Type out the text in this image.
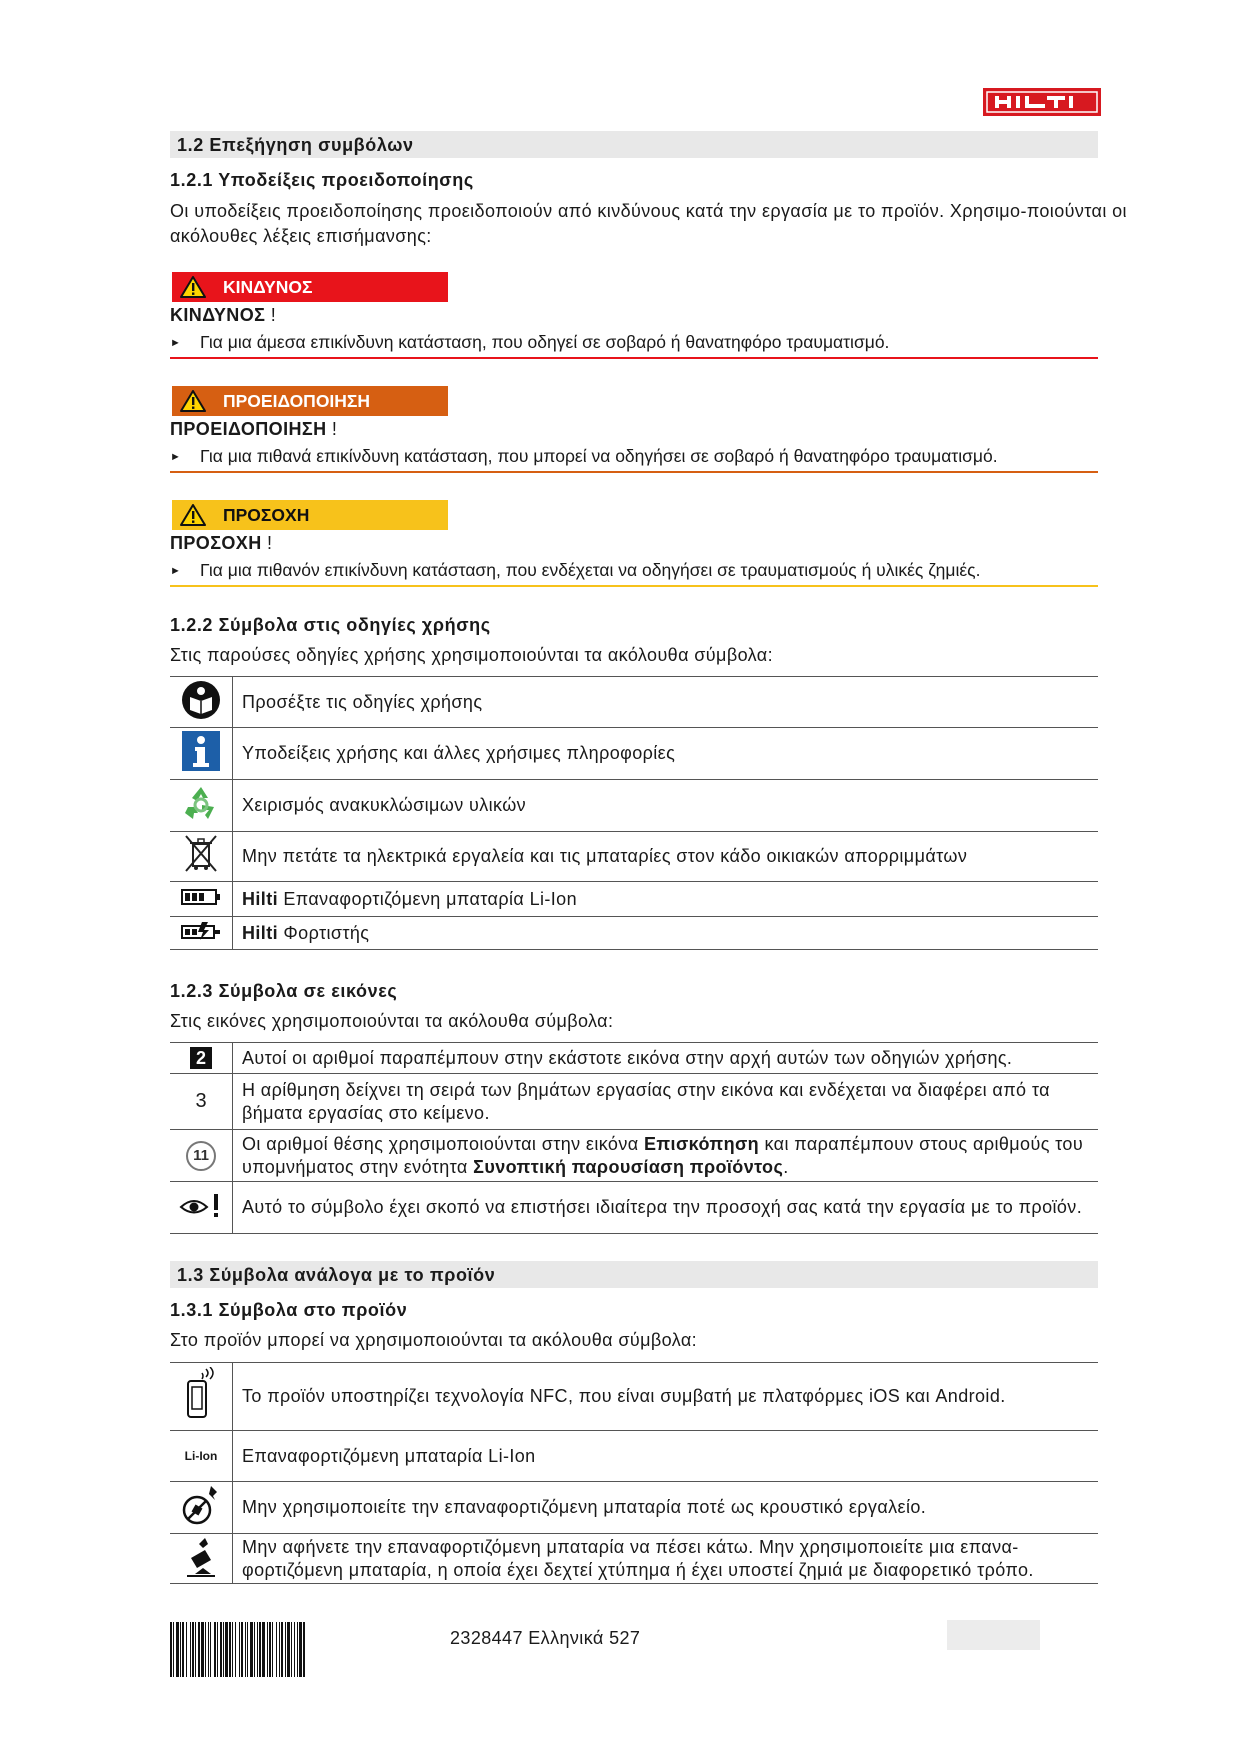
1.2 Επεξήγηση συμβόλων
1.2.1 Υποδείξεις προειδοποίησης
Οι υποδείξεις προειδοποίησης προειδοποιούν από κινδύνους κατά την εργασία με το προϊόν. Χρησιμο-ποιούνται οι ακόλουθες λέξεις επισήμανσης:
ΚΙΝΔΥΝΟΣ
ΚΙΝΔΥΝΟΣ !
► Για μια άμεσα επικίνδυνη κατάσταση, που οδηγεί σε σοβαρό ή θανατηφόρο τραυματισμό.
ΠΡΟΕΙΔΟΠΟΙΗΣΗ
ΠΡΟΕΙΔΟΠΟΙΗΣΗ !
► Για μια πιθανά επικίνδυνη κατάσταση, που μπορεί να οδηγήσει σε σοβαρό ή θανατηφόρο τραυματισμό.
ΠΡΟΣΟΧΗ
ΠΡΟΣΟΧΗ !
► Για μια πιθανόν επικίνδυνη κατάσταση, που ενδέχεται να οδηγήσει σε τραυματισμούς ή υλικές ζημιές.
1.2.2 Σύμβολα στις οδηγίες χρήσης
Στις παρούσες οδηγίες χρήσης χρησιμοποιούνται τα ακόλουθα σύμβολα:
	Προσέξτε τις οδηγίες χρήσης
	Υποδείξεις χρήσης και άλλες χρήσιμες πληροφορίες
	Χειρισμός ανακυκλώσιμων υλικών
	Μην πετάτε τα ηλεκτρικά εργαλεία και τις μπαταρίες στον κάδο οικιακών απορριμμάτων
	Hilti Επαναφορτιζόμενη μπαταρία Li-Ion
	Hilti Φορτιστής
1.2.3 Σύμβολα σε εικόνες
Στις εικόνες χρησιμοποιούνται τα ακόλουθα σύμβολα:
2	Αυτοί οι αριθμοί παραπέμπουν στην εκάστοτε εικόνα στην αρχή αυτών των οδηγιών χρήσης.
3	Η αρίθμηση δείχνει τη σειρά των βημάτων εργασίας στην εικόνα και ενδέχεται να διαφέρει από τα βήματα εργασίας στο κείμενο.
11	Οι αριθμοί θέσης χρησιμοποιούνται στην εικόνα Επισκόπηση και παραπέμπουν στους αριθμούς του υπομνήματος στην ενότητα Συνοπτική παρουσίαση προϊόντος.
	Αυτό το σύμβολο έχει σκοπό να επιστήσει ιδιαίτερα την προσοχή σας κατά την εργασία με το προϊόν.
1.3 Σύμβολα ανάλογα με το προϊόν
1.3.1 Σύμβολα στο προϊόν
Στο προϊόν μπορεί να χρησιμοποιούνται τα ακόλουθα σύμβολα:
	Το προϊόν υποστηρίζει τεχνολογία NFC, που είναι συμβατή με πλατφόρμες iOS και Android.
Li-Ion	Επαναφορτιζόμενη μπαταρία Li-Ion
	Μην χρησιμοποιείτε την επαναφορτιζόμενη μπαταρία ποτέ ως κρουστικό εργαλείο.
	Μην αφήνετε την επαναφορτιζόμενη μπαταρία να πέσει κάτω. Μην χρησιμοποιείτε μια επανα-φορτιζόμενη μπαταρία, η οποία έχει δεχτεί χτύπημα ή έχει υποστεί ζημιά με διαφορετικό τρόπο.
2328447 Ελληνικά 527
